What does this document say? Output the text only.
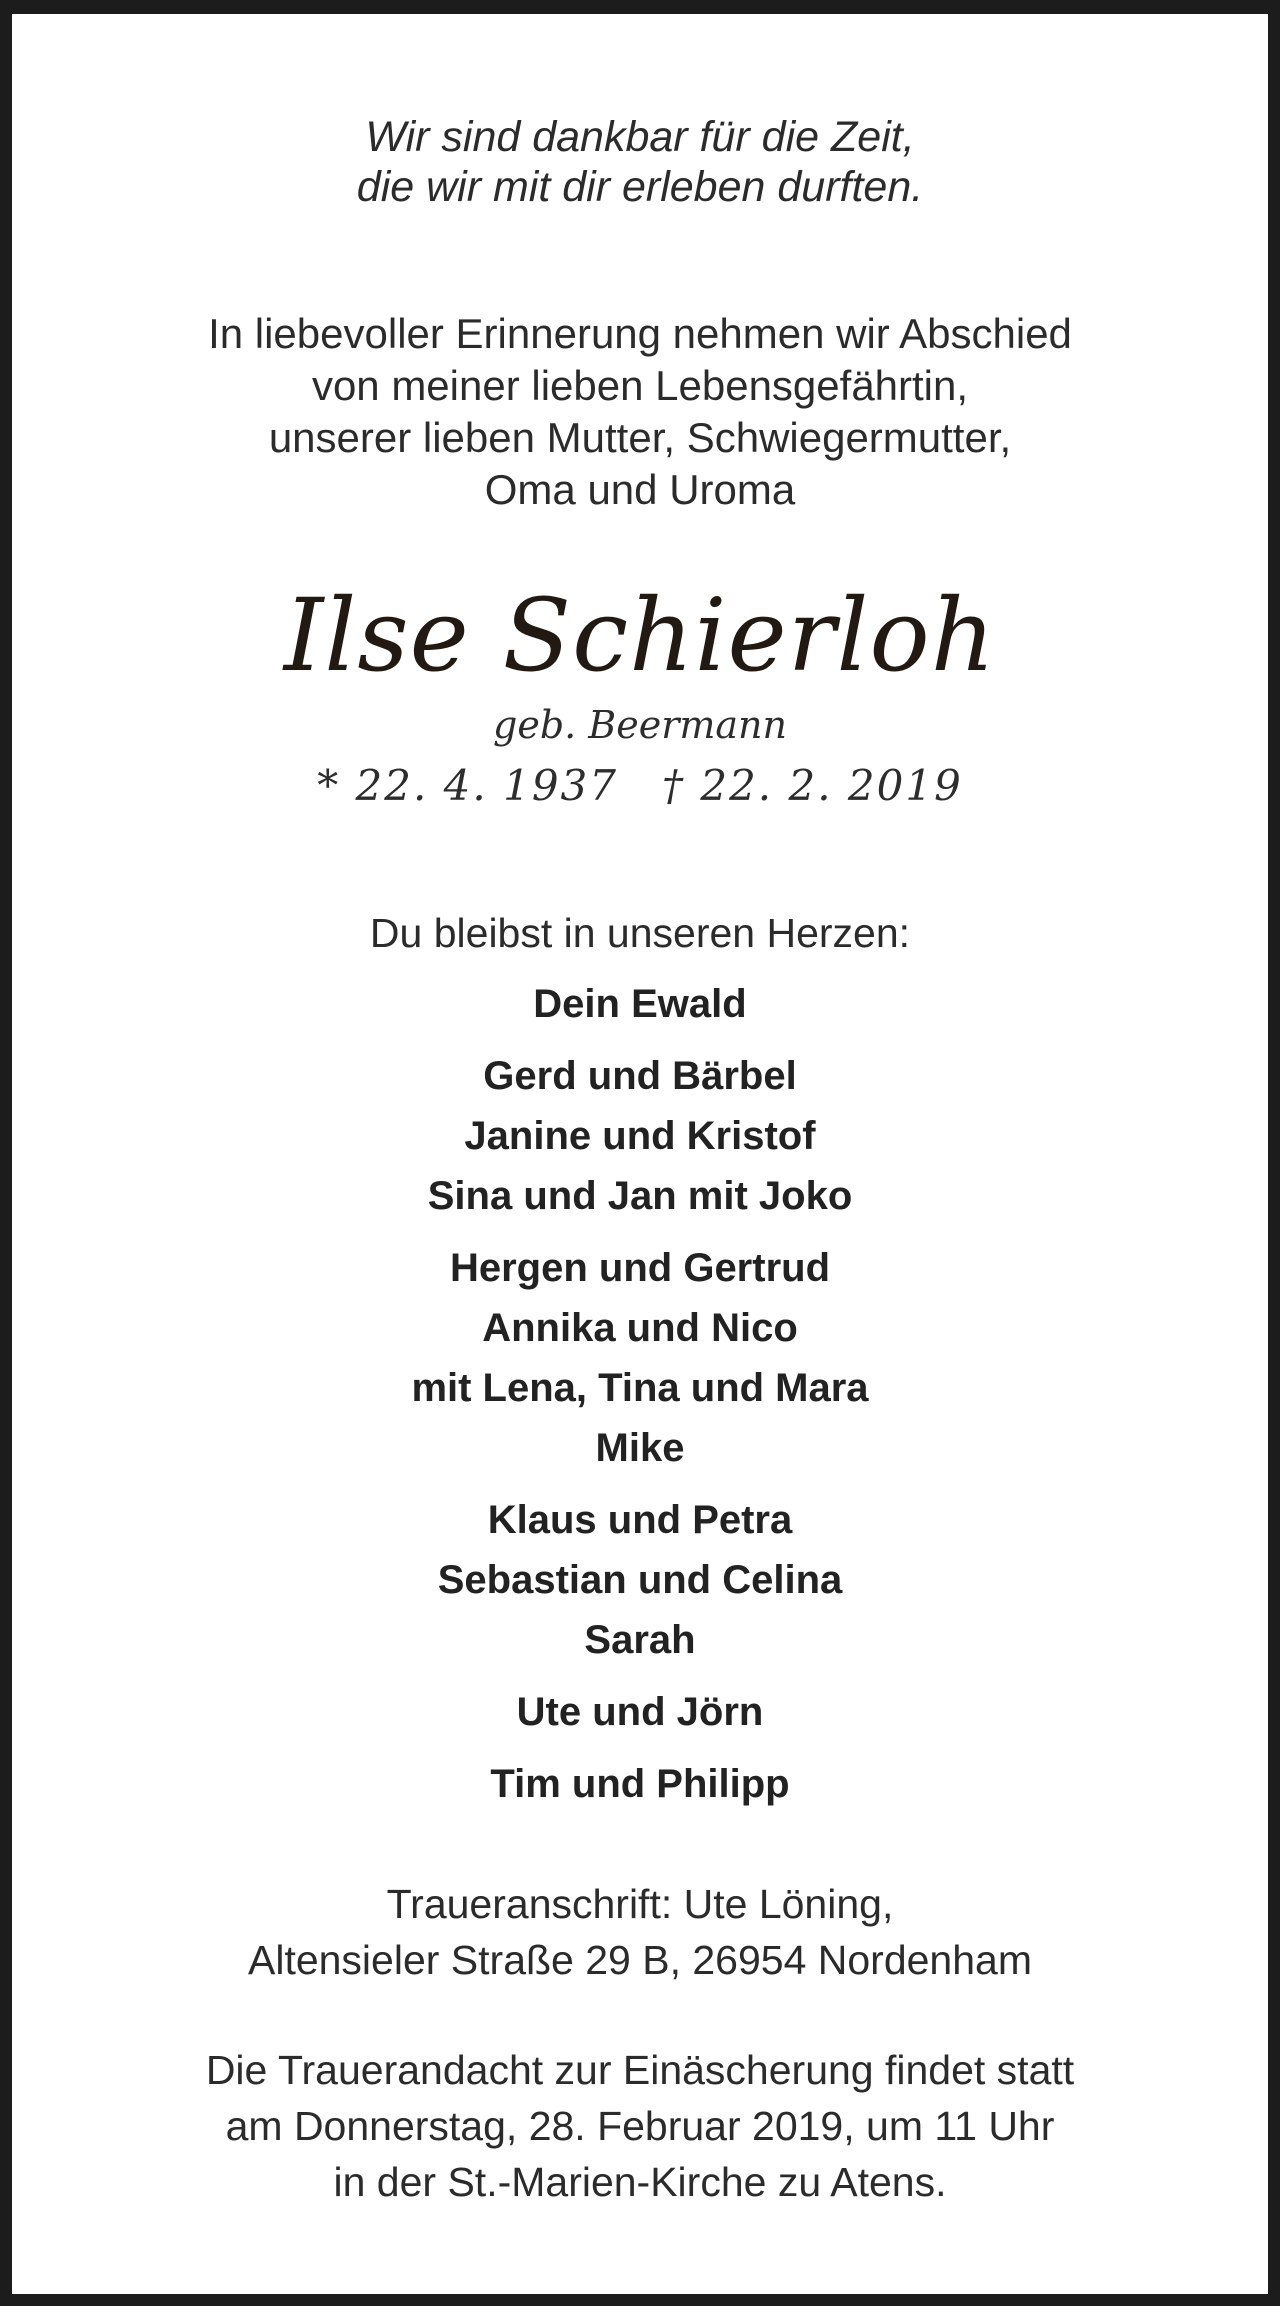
Wir sind dankbar für die Zeit,
die wir mit dir erleben durften.
In liebevoller Erinnerung nehmen wir Abschied
von meiner lieben Lebensgefährtin,
unserer lieben Mutter, Schwiegermutter,
Oma und Uroma
Ilse Schierloh
geb. Beermann
* 22. 4. 1937 † 22. 2. 2019
Du bleibst in unseren Herzen:
Dein Ewald
Gerd und Bärbel
Janine und Kristof
Sina und Jan mit Joko
Hergen und Gertrud
Annika und Nico
mit Lena, Tina und Mara
Mike
Klaus und Petra
Sebastian und Celina
Sarah
Ute und Jörn
Tim und Philipp
Traueranschrift: Ute Löning,
Altensieler Straße 29 B, 26954 Nordenham
Die Trauerandacht zur Einäscherung findet statt
am Donnerstag, 28. Februar 2019, um 11 Uhr
in der St.-Marien-Kirche zu Atens.
